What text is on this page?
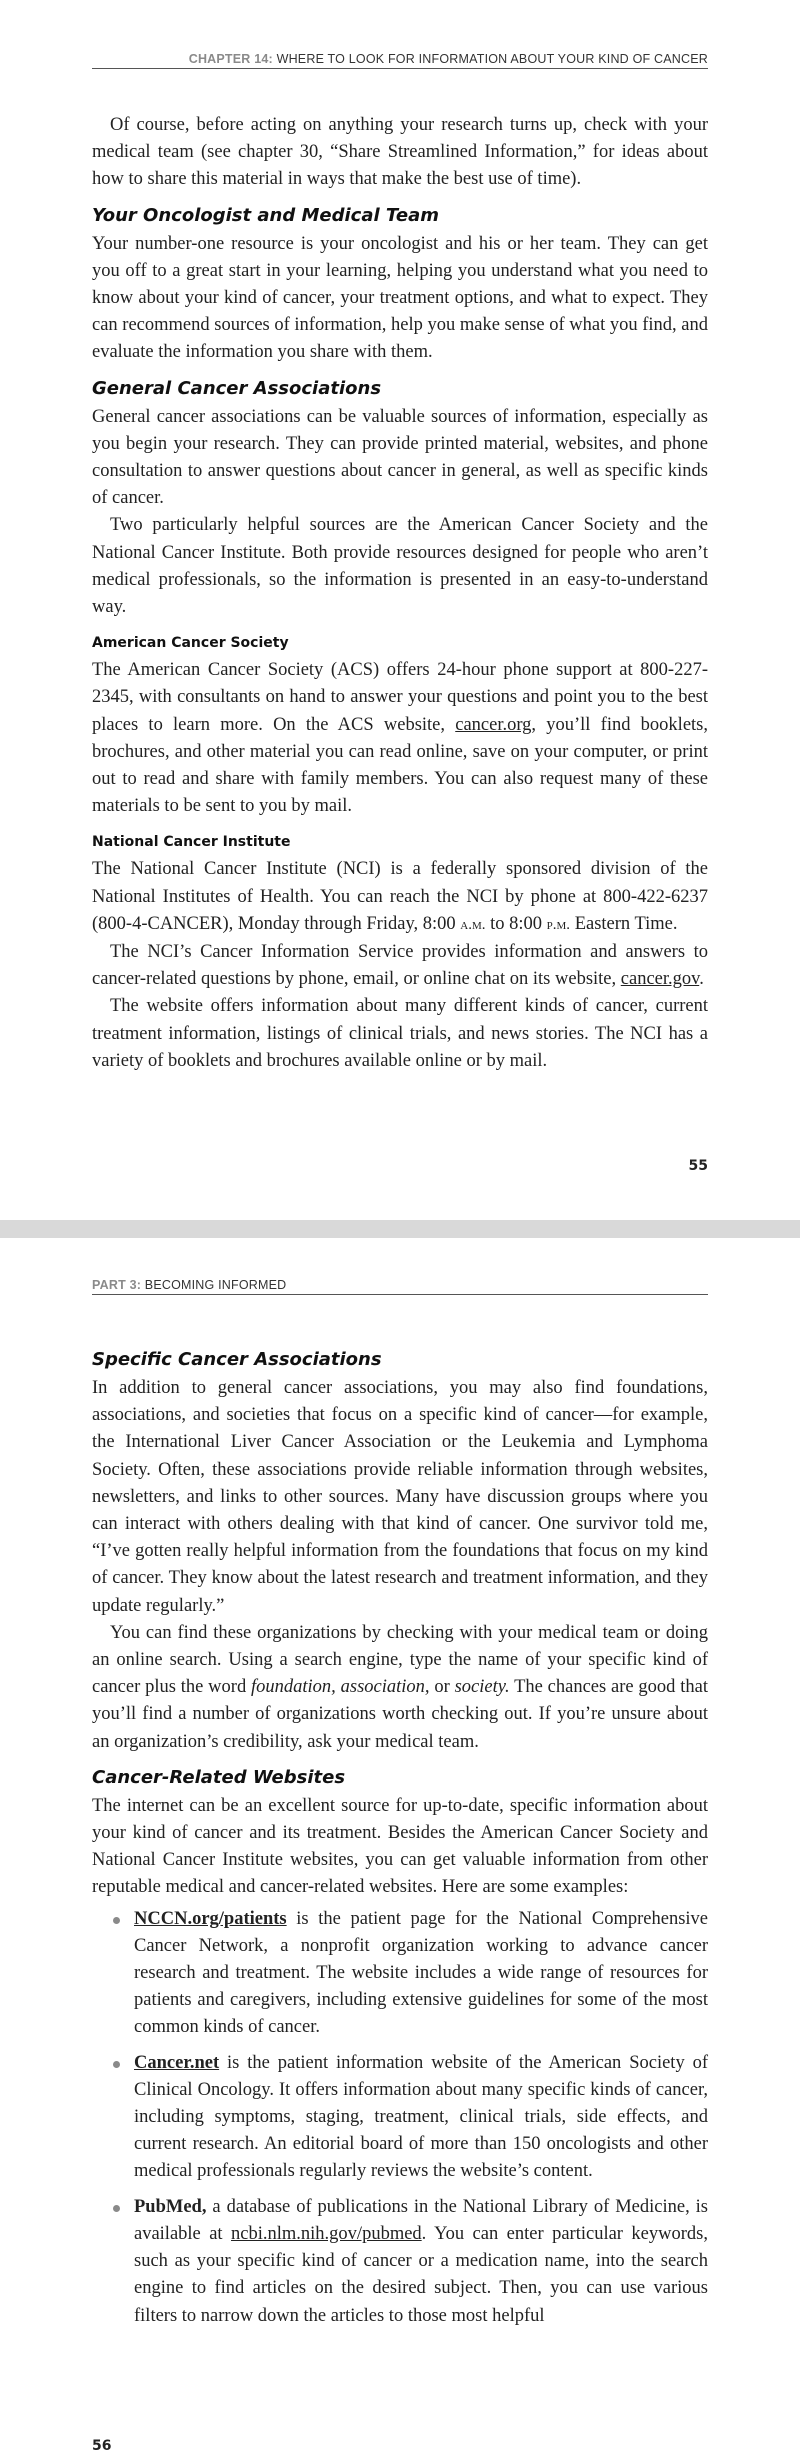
CHAPTER 14: WHERE TO LOOK FOR INFORMATION ABOUT YOUR KIND OF CANCER

Of course, before acting on anything your research turns up, check with your medical team (see chapter 30, “Share Streamlined Information,” for ideas about how to share this material in ways that make the best use of time).

Your Oncologist and Medical Team

Your number-one resource is your oncologist and his or her team. They can get you off to a great start in your learning, helping you understand what you need to know about your kind of cancer, your treatment options, and what to expect. They can recommend sources of information, help you make sense of what you find, and evaluate the information you share with them.

General Cancer Associations

General cancer associations can be valuable sources of information, especially as you begin your research. They can provide printed material, websites, and phone consultation to answer questions about cancer in general, as well as specific kinds of cancer.

Two particularly helpful sources are the American Cancer Society and the National Cancer Institute. Both provide resources designed for people who aren’t medical professionals, so the information is presented in an easy-to-understand way.

American Cancer Society

The American Cancer Society (ACS) offers 24-hour phone support at 800-227-2345, with consultants on hand to answer your questions and point you to the best places to learn more. On the ACS website, cancer.org, you’ll find booklets, brochures, and other material you can read online, save on your computer, or print out to read and share with family members. You can also request many of these materials to be sent to you by mail.

National Cancer Institute

The National Cancer Institute (NCI) is a federally sponsored division of the National Institutes of Health. You can reach the NCI by phone at 800-422-6237 (800-4-CANCER), Monday through Friday, 8:00 a.m. to 8:00 p.m. Eastern Time.

The NCI’s Cancer Information Service provides information and answers to cancer-related questions by phone, email, or online chat on its website, cancer.gov.

The website offers information about many different kinds of cancer, current treatment information, listings of clinical trials, and news stories. The NCI has a variety of booklets and brochures available online or by mail.

55
PART 3: BECOMING INFORMED
Specific Cancer Associations

In addition to general cancer associations, you may also find foundations, associations, and societies that focus on a specific kind of cancer—for example, the International Liver Cancer Association or the Leukemia and Lymphoma Society. Often, these associations provide reliable information through websites, newsletters, and links to other sources. Many have discussion groups where you can interact with others dealing with that kind of cancer. One survivor told me, “I’ve gotten really helpful information from the foundations that focus on my kind of cancer. They know about the latest research and treatment information, and they update regularly.”

You can find these organizations by checking with your medical team or doing an online search. Using a search engine, type the name of your specific kind of cancer plus the word foundation, association, or society. The chances are good that you’ll find a number of organizations worth checking out. If you’re unsure about an organization’s credibility, ask your medical team.

Cancer-Related Websites

The internet can be an excellent source for up-to-date, specific information about your kind of cancer and its treatment. Besides the American Cancer Society and National Cancer Institute websites, you can get valuable information from other reputable medical and cancer-related websites. Here are some examples:

NCCN.org/patients is the patient page for the National Comprehensive Cancer Network, a nonprofit organization working to advance cancer research and treatment. The website includes a wide range of resources for patients and caregivers, including extensive guidelines for some of the most common kinds of cancer.
Cancer.net is the patient information website of the American Society of Clinical Oncology. It offers information about many specific kinds of cancer, including symptoms, staging, treatment, clinical trials, side effects, and current research. An editorial board of more than 150 oncologists and other medical professionals regularly reviews the website’s content.
PubMed, a database of publications in the National Library of Medicine, is available at ncbi.nlm.nih.gov/pubmed. You can enter particular keywords, such as your specific kind of cancer or a medication name, into the search engine to find articles on the desired subject. Then, you can use various filters to narrow down the articles to those most helpful
56
